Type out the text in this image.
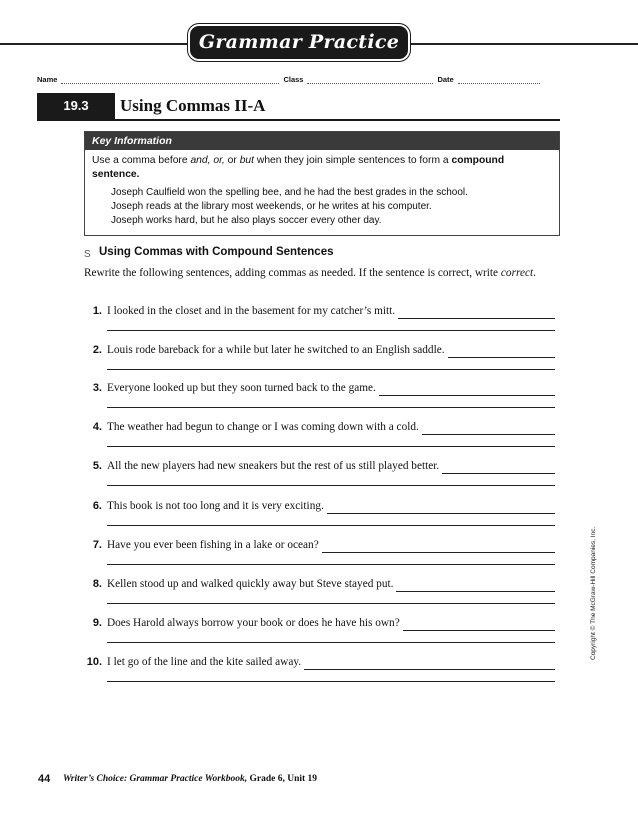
Grammar Practice
Name	Class	Date
19.3	Using Commas II-A
Key Information
Use a comma before and, or, or but when they join simple sentences to form a compound
sentence.
Joseph Caulfield won the spelling bee, and he had the best grades in the school.
Joseph reads at the library most weekends, or he writes at his computer.
Joseph works hard, but he also plays soccer every other day.
S Using Commas with Compound Sentences
Rewrite the following sentences, adding commas as needed. If the sentence is correct, write correct.
1. I looked in the closet and in the basement for my catcher’s mitt.
2. Louis rode bareback for a while but later he switched to an English saddle.
3. Everyone looked up but they soon turned back to the game.
4. The weather had begun to change or I was coming down with a cold.
5. All the new players had new sneakers but the rest of us still played better.
6. This book is not too long and it is very exciting.
7. Have you ever been fishing in a lake or ocean?
8. Kellen stood up and walked quickly away but Steve stayed put.
9. Does Harold always borrow your book or does he have his own?
10. I let go of the line and the kite sailed away.
Copyright © The McGraw-Hill Companies, Inc.
44 Writer’s Choice: Grammar Practice Workbook, Grade 6, Unit 19
